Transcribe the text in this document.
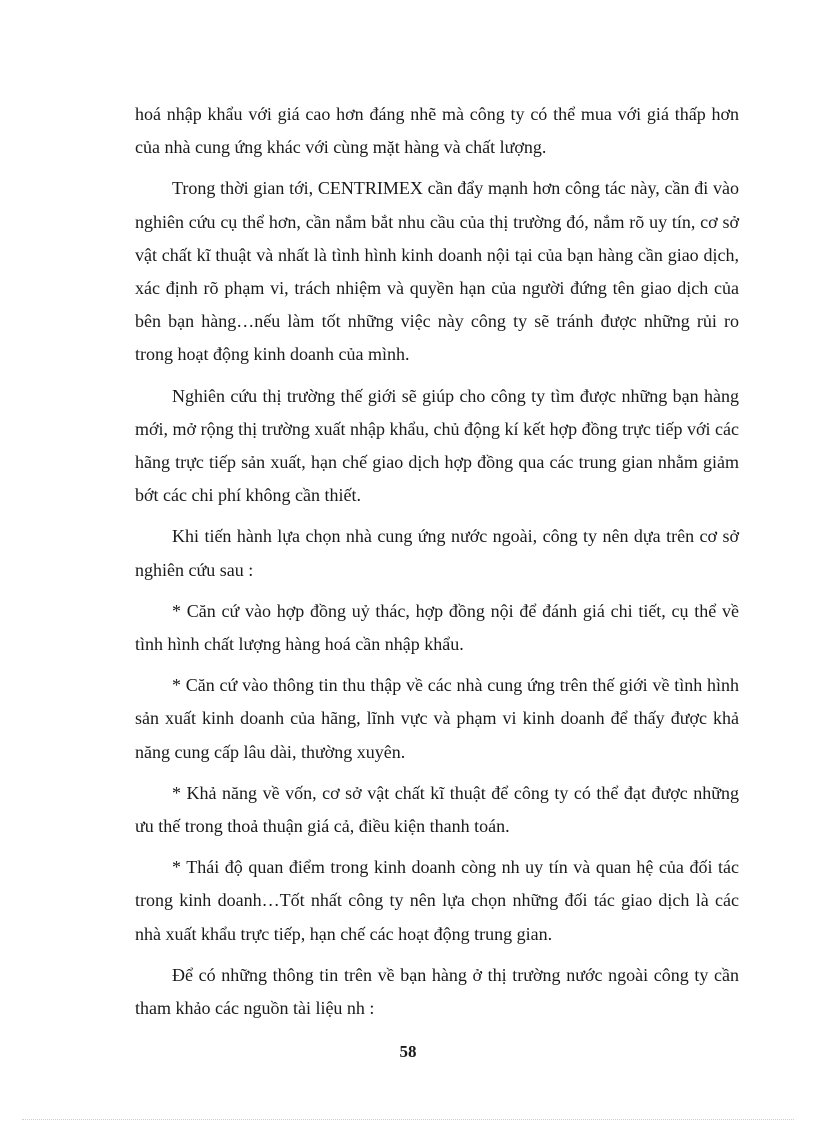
hoá nhập khẩu với giá cao hơn đáng nhẽ mà công ty có thể mua với giá thấp hơn của nhà cung ứng khác với cùng mặt hàng và chất lượng.

Trong thời gian tới, CENTRIMEX cần đẩy mạnh hơn công tác này, cần đi vào nghiên cứu cụ thể hơn, cần nắm bắt nhu cầu của thị trường đó, nắm rõ uy tín, cơ sở vật chất kĩ thuật và nhất là tình hình kinh doanh nội tại của bạn hàng cần giao dịch, xác định rõ phạm vi, trách nhiệm và quyền hạn của người đứng tên giao dịch của bên bạn hàng…nếu làm tốt những việc này công ty sẽ tránh được những rủi ro trong hoạt động kinh doanh của mình.

Nghiên cứu thị trường thế giới sẽ giúp cho công ty tìm được những bạn hàng mới, mở rộng thị trường xuất nhập khẩu, chủ động kí kết hợp đồng trực tiếp với các hãng trực tiếp sản xuất, hạn chế giao dịch hợp đồng qua các trung gian nhằm giảm bớt các chi phí không cần thiết.

Khi tiến hành lựa chọn nhà cung ứng nước ngoài, công ty nên dựa trên cơ sở nghiên cứu sau :

* Căn cứ vào hợp đồng uỷ thác, hợp đồng nội để đánh giá chi tiết, cụ thể về tình hình chất lượng hàng hoá cần nhập khẩu.

* Căn cứ vào thông tin thu thập về các nhà cung ứng trên thế giới về tình hình sản xuất kinh doanh của hãng, lĩnh vực và phạm vi kinh doanh để thấy được khả năng cung cấp lâu dài, thường xuyên.

* Khả năng về vốn, cơ sở vật chất kĩ thuật để công ty có thể đạt được những ưu thế trong thoả thuận giá cả, điều kiện thanh toán.

* Thái độ quan điểm trong kinh doanh còng nh uy tín và quan hệ của đối tác trong kinh doanh…Tốt nhất công ty nên lựa chọn những đối tác giao dịch là các nhà xuất khẩu trực tiếp, hạn chế các hoạt động trung gian.

Để có những thông tin trên về bạn hàng ở thị trường nước ngoài công ty cần tham khảo các nguồn tài liệu nh :

58
